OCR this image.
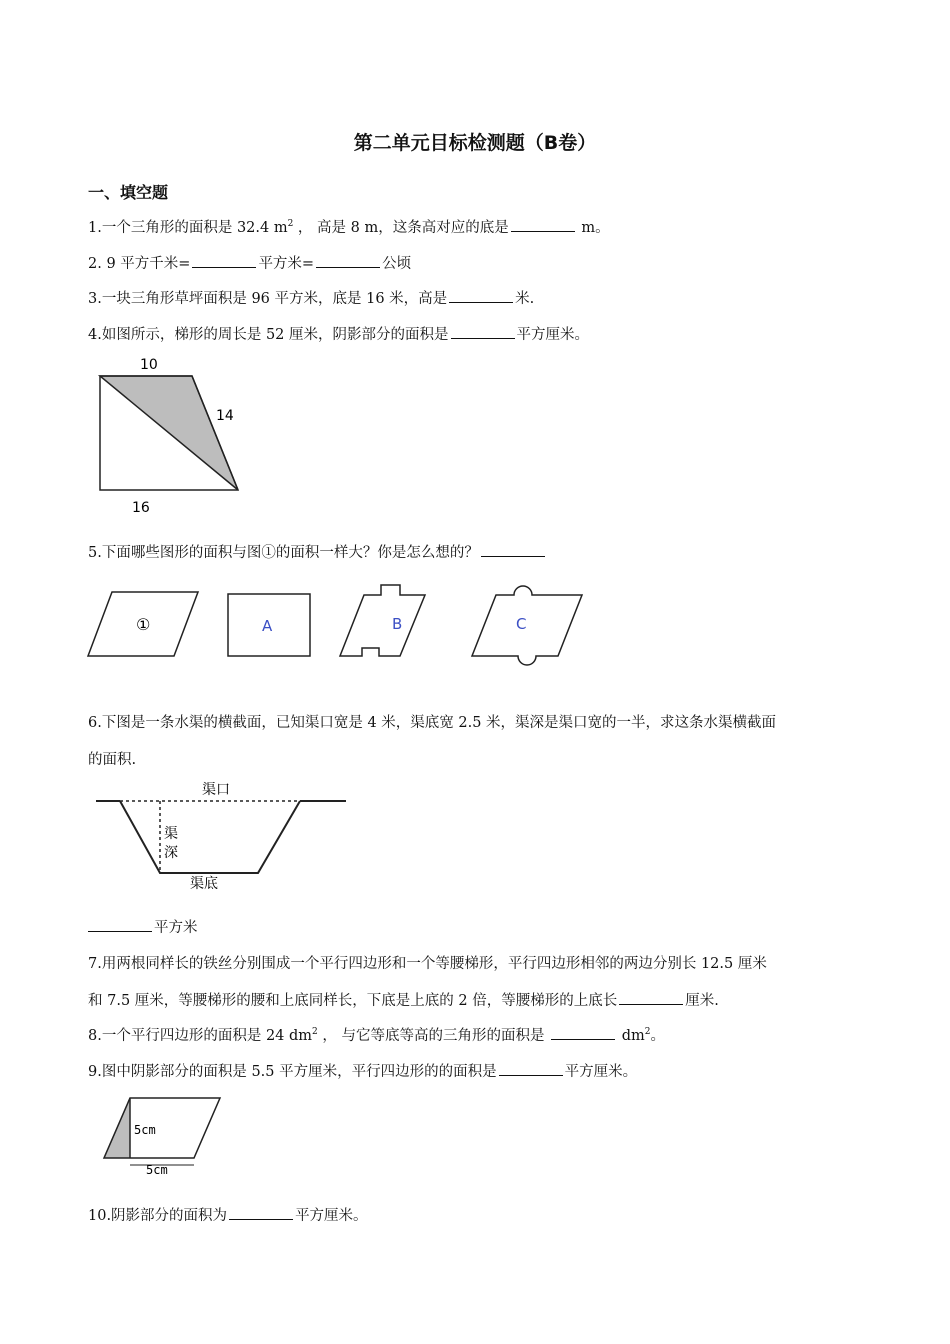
第二单元目标检测题（B卷）
一、填空题
1.一个三角形的面积是 32.4 $m^2$ ， 高是 8 m，这条高对应的底是	m。
2. 9 平方千米=	平方米=	公顷
3.一块三角形草坪面积是 96 平方米，底是 16 米，高是	米.
4.如图所示，梯形的周长是 52 厘米，阴影部分的面积是	平方厘米。
10
14
16
5.下面哪些图形的面积与图①的面积一样大？你是怎么想的？
①	A	B	C
6.下图是一条水渠的横截面，已知渠口宽是 4 米，渠底宽 2.5 米，渠深是渠口宽的一半，求这条水渠横截面
的面积.
渠口
渠
深
渠底
平方米
7.用两根同样长的铁丝分别围成一个平行四边形和一个等腰梯形，平行四边形相邻的两边分别长 12.5 厘米
和 7.5 厘米，等腰梯形的腰和上底同样长，下底是上底的 2 倍，等腰梯形的上底长	厘米.
8.一个平行四边形的面积是 24 $dm^2$ ， 与它等底等高的三角形的面积是	$dm^2$。
9.图中阴影部分的面积是 5.5 平方厘米，平行四边形的的面积是	平方厘米。
5cm
5cm
10.阴影部分的面积为	平方厘米。
